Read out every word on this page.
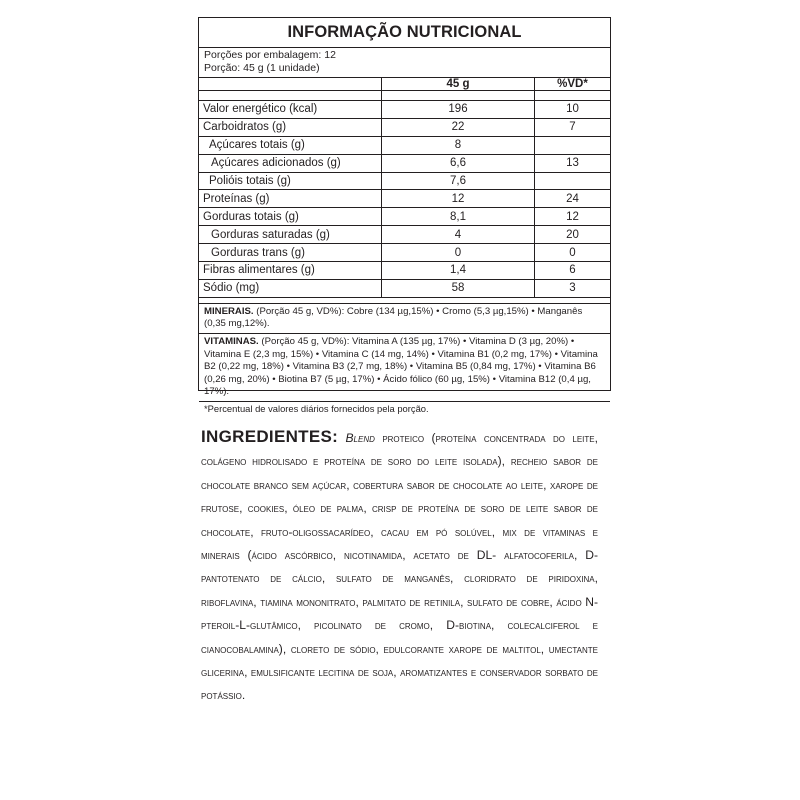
INFORMAÇÃO NUTRICIONAL
Porções por embalagem: 12
Porção: 45 g (1 unidade)
	45 g	%VD*

Valor energético (kcal)	196	10
Carboidratos (g)	22	7
Açúcares totais (g)	8	
Açúcares adicionados (g)	6,6	13
Polióis totais (g)	7,6	
Proteínas (g)	12	24
Gorduras totais (g)	8,1	12
Gorduras saturadas (g)	4	20
Gorduras trans (g)	0	0
Fibras alimentares (g)	1,4	6
Sódio (mg)	58	3
MINERAIS. (Porção 45 g, VD%): Cobre (134 µg,15%) • Cromo (5,3 µg,15%) • Manganês (0,35 mg,12%).
VITAMINAS. (Porção 45 g, VD%): Vitamina A (135 µg, 17%) • Vitamina D (3 µg, 20%) • Vitamina E (2,3 mg, 15%) • Vitamina C (14 mg, 14%) • Vitamina B1 (0,2 mg, 17%) • Vitamina B2 (0,22 mg, 18%) • Vitamina B3 (2,7 mg, 18%) • Vitamina B5 (0,84 mg, 17%) • Vitamina B6 (0,26 mg, 20%) • Biotina B7 (5 µg, 17%) • Ácido fólico (60 µg, 15%) • Vitamina B12 (0,4 µg, 17%).
*Percentual de valores diários fornecidos pela porção.
INGREDIENTES: Blend proteico (proteína concentrada do leite, colágeno hidrolisado e proteína de soro do leite isolada), recheio sabor de chocolate branco sem açúcar, cobertura sabor de chocolate ao leite, xarope de frutose, cookies, óleo de palma, crisp de proteína de soro de leite sabor de chocolate, fruto-oligossacarídeo, cacau em pó solúvel, mix de vitaminas e minerais (ácido ascórbico, nicotinamida, acetato de DL- alfatocoferila, D-pantotenato de cálcio, sulfato de manganês, cloridrato de piridoxina, riboflavina, tiamina mononitrato, palmitato de retinila, sulfato de cobre, ácido N-pteroil-L-glutâmico, picolinato de cromo, D-biotina, colecalciferol e cianocobalamina), cloreto de sódio, edulcorante xarope de maltitol, umectante glicerina, emulsificante lecitina de soja, aromatizantes e conservador sorbato de potássio.
